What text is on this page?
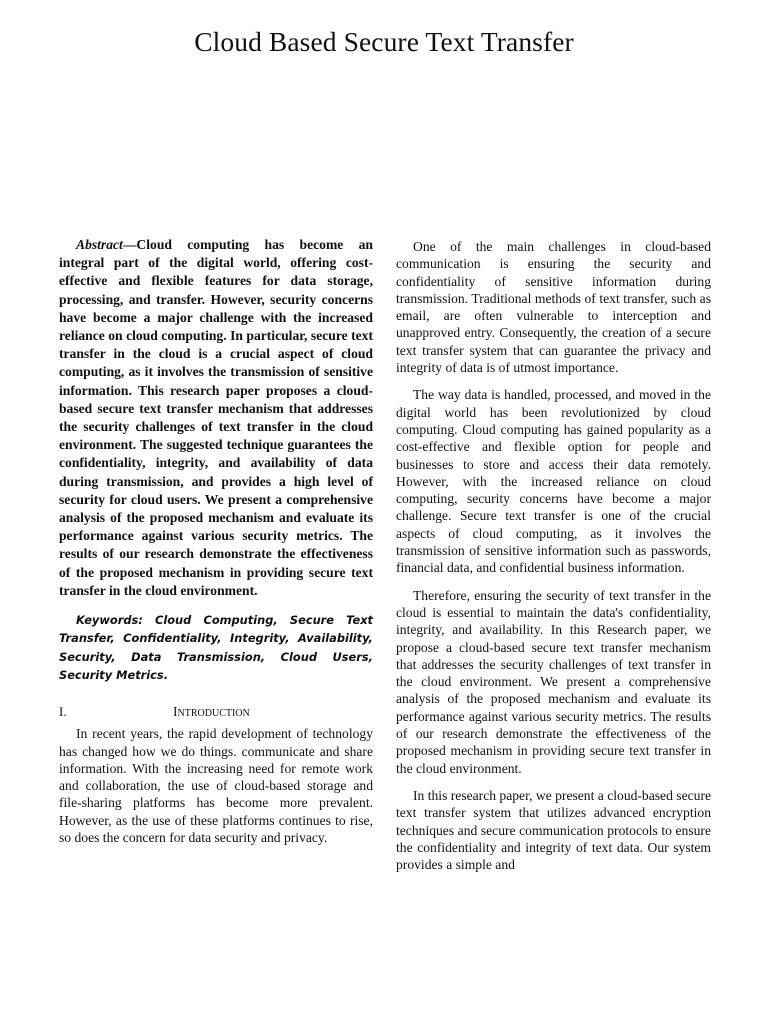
Cloud Based Secure Text Transfer

Abstract—Cloud computing has become an integral part of the digital world, offering cost-effective and flexible features for data storage, processing, and transfer. However, security concerns have become a major challenge with the increased reliance on cloud computing. In particular, secure text transfer in the cloud is a crucial aspect of cloud computing, as it involves the transmission of sensitive information. This research paper proposes a cloud-based secure text transfer mechanism that addresses the security challenges of text transfer in the cloud environment. The suggested technique guarantees the confidentiality, integrity, and availability of data during transmission, and provides a high level of security for cloud users. We present a comprehensive analysis of the proposed mechanism and evaluate its performance against various security metrics. The results of our research demonstrate the effectiveness of the proposed mechanism in providing secure text transfer in the cloud environment.

Keywords: Cloud Computing, Secure Text Transfer, Confidentiality, Integrity, Availability, Security, Data Transmission, Cloud Users, Security Metrics.

I.	Introduction

In recent years, the rapid development of technology has changed how we do things. communicate and share information. With the increasing need for remote work and collaboration, the use of cloud-based storage and file-sharing platforms has become more prevalent. However, as the use of these platforms continues to rise, so does the concern for data security and privacy.

One of the main challenges in cloud-based communication is ensuring the security and confidentiality of sensitive information during transmission. Traditional methods of text transfer, such as email, are often vulnerable to interception and unapproved entry. Consequently, the creation of a secure text transfer system that can guarantee the privacy and integrity of data is of utmost importance.

The way data is handled, processed, and moved in the digital world has been revolutionized by cloud computing. Cloud computing has gained popularity as a cost-effective and flexible option for people and businesses to store and access their data remotely. However, with the increased reliance on cloud computing, security concerns have become a major challenge. Secure text transfer is one of the crucial aspects of cloud computing, as it involves the transmission of sensitive information such as passwords, financial data, and confidential business information.

Therefore, ensuring the security of text transfer in the cloud is essential to maintain the data's confidentiality, integrity, and availability. In this Research paper, we propose a cloud-based secure text transfer mechanism that addresses the security challenges of text transfer in the cloud environment. We present a comprehensive analysis of the proposed mechanism and evaluate its performance against various security metrics. The results of our research demonstrate the effectiveness of the proposed mechanism in providing secure text transfer in the cloud environment.

In this research paper, we present a cloud-based secure text transfer system that utilizes advanced encryption techniques and secure communication protocols to ensure the confidentiality and integrity of text data. Our system provides a simple and
